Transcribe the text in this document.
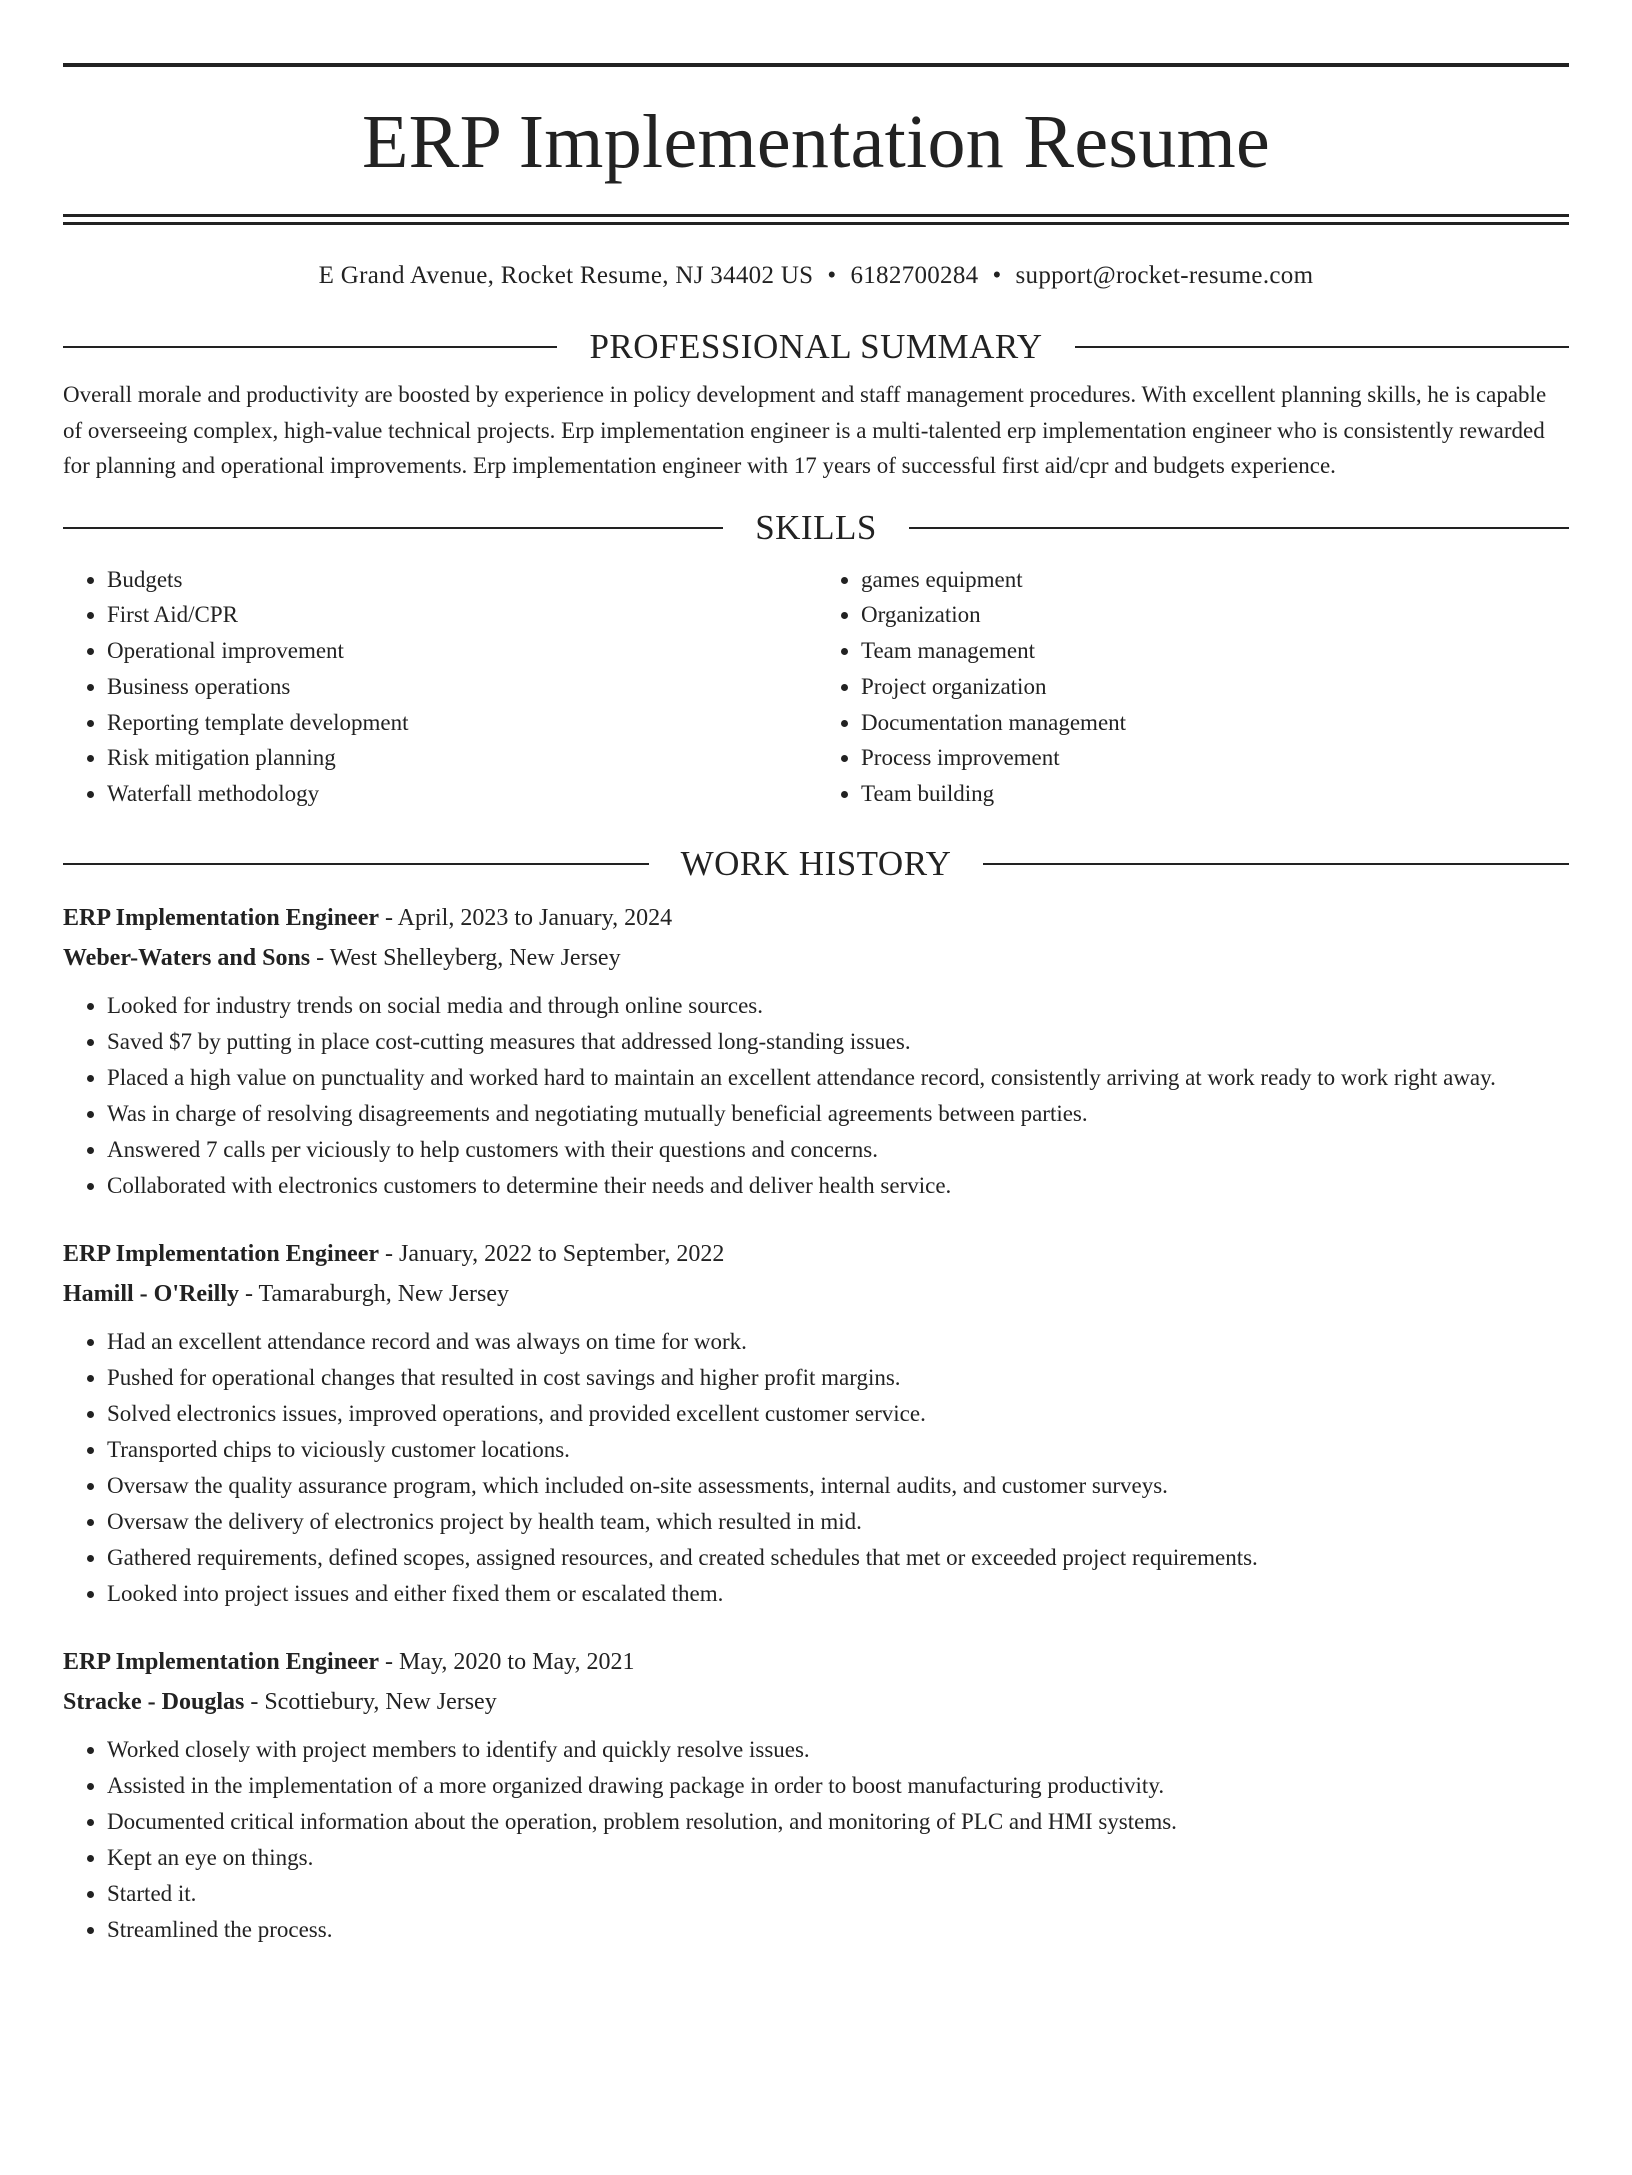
ERP Implementation Resume
E Grand Avenue, Rocket Resume, NJ 34402 US • 6182700284 • support@rocket-resume.com
PROFESSIONAL SUMMARY

Overall morale and productivity are boosted by experience in policy development and staff management procedures. With excellent planning skills, he is capable of overseeing complex, high-value technical projects. Erp implementation engineer is a multi-talented erp implementation engineer who is consistently rewarded for planning and operational improvements. Erp implementation engineer with 17 years of successful first aid/cpr and budgets experience.

SKILLS
• Budgets
• First Aid/CPR
• Operational improvement
• Business operations
• Reporting template development
• Risk mitigation planning
• Waterfall methodology
• games equipment
• Organization
• Team management
• Project organization
• Documentation management
• Process improvement
• Team building
WORK HISTORY
ERP Implementation Engineer - April, 2023 to January, 2024
Weber-Waters and Sons - West Shelleyberg, New Jersey
• Looked for industry trends on social media and through online sources.
• Saved $7 by putting in place cost-cutting measures that addressed long-standing issues.
• Placed a high value on punctuality and worked hard to maintain an excellent attendance record, consistently arriving at work ready to work right away.
• Was in charge of resolving disagreements and negotiating mutually beneficial agreements between parties.
• Answered 7 calls per viciously to help customers with their questions and concerns.
• Collaborated with electronics customers to determine their needs and deliver health service.
ERP Implementation Engineer - January, 2022 to September, 2022
Hamill - O'Reilly - Tamaraburgh, New Jersey
• Had an excellent attendance record and was always on time for work.
• Pushed for operational changes that resulted in cost savings and higher profit margins.
• Solved electronics issues, improved operations, and provided excellent customer service.
• Transported chips to viciously customer locations.
• Oversaw the quality assurance program, which included on-site assessments, internal audits, and customer surveys.
• Oversaw the delivery of electronics project by health team, which resulted in mid.
• Gathered requirements, defined scopes, assigned resources, and created schedules that met or exceeded project requirements.
• Looked into project issues and either fixed them or escalated them.
ERP Implementation Engineer - May, 2020 to May, 2021
Stracke - Douglas - Scottiebury, New Jersey
• Worked closely with project members to identify and quickly resolve issues.
• Assisted in the implementation of a more organized drawing package in order to boost manufacturing productivity.
• Documented critical information about the operation, problem resolution, and monitoring of PLC and HMI systems.
• Kept an eye on things.
• Started it.
• Streamlined the process.
